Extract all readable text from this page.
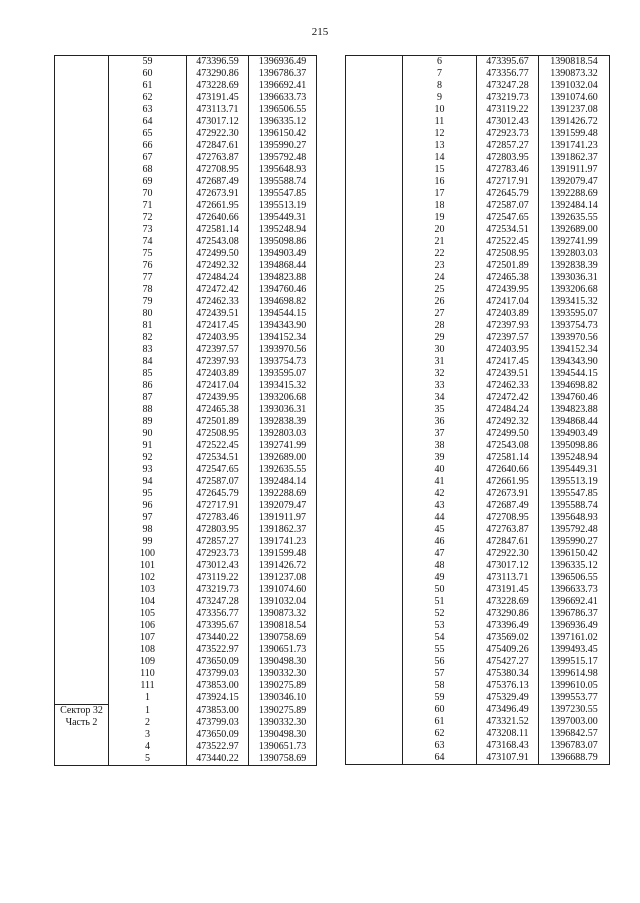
215
	59	473396.59	1396936.49
	60	473290.86	1396786.37
	61	473228.69	1396692.41
	62	473191.45	1396633.73
	63	473113.71	1396506.55
	64	473017.12	1396335.12
	65	472922.30	1396150.42
	66	472847.61	1395990.27
	67	472763.87	1395792.48
	68	472708.95	1395648.93
	69	472687.49	1395588.74
	70	472673.91	1395547.85
	71	472661.95	1395513.19
	72	472640.66	1395449.31
	73	472581.14	1395248.94
	74	472543.08	1395098.86
	75	472499.50	1394903.49
	76	472492.32	1394868.44
	77	472484.24	1394823.88
	78	472472.42	1394760.46
	79	472462.33	1394698.82
	80	472439.51	1394544.15
	81	472417.45	1394343.90
	82	472403.95	1394152.34
	83	472397.57	1393970.56
	84	472397.93	1393754.73
	85	472403.89	1393595.07
	86	472417.04	1393415.32
	87	472439.95	1393206.68
	88	472465.38	1393036.31
	89	472501.89	1392838.39
	90	472508.95	1392803.03
	91	472522.45	1392741.99
	92	472534.51	1392689.00
	93	472547.65	1392635.55
	94	472587.07	1392484.14
	95	472645.79	1392288.69
	96	472717.91	1392079.47
	97	472783.46	1391911.97
	98	472803.95	1391862.37
	99	472857.27	1391741.23
	100	472923.73	1391599.48
	101	473012.43	1391426.72
	102	473119.22	1391237.08
	103	473219.73	1391074.60
	104	473247.28	1391032.04
	105	473356.77	1390873.32
	106	473395.67	1390818.54
	107	473440.22	1390758.69
	108	473522.97	1390651.73
	109	473650.09	1390498.30
	110	473799.03	1390332.30
	111	473853.00	1390275.89
	1	473924.15	1390346.10
Сектор 32	1	473853.00	1390275.89
Часть 2	2	473799.03	1390332.30
	3	473650.09	1390498.30
	4	473522.97	1390651.73
	5	473440.22	1390758.69
	6	473395.67	1390818.54
	7	473356.77	1390873.32
	8	473247.28	1391032.04
	9	473219.73	1391074.60
	10	473119.22	1391237.08
	11	473012.43	1391426.72
	12	472923.73	1391599.48
	13	472857.27	1391741.23
	14	472803.95	1391862.37
	15	472783.46	1391911.97
	16	472717.91	1392079.47
	17	472645.79	1392288.69
	18	472587.07	1392484.14
	19	472547.65	1392635.55
	20	472534.51	1392689.00
	21	472522.45	1392741.99
	22	472508.95	1392803.03
	23	472501.89	1392838.39
	24	472465.38	1393036.31
	25	472439.95	1393206.68
	26	472417.04	1393415.32
	27	472403.89	1393595.07
	28	472397.93	1393754.73
	29	472397.57	1393970.56
	30	472403.95	1394152.34
	31	472417.45	1394343.90
	32	472439.51	1394544.15
	33	472462.33	1394698.82
	34	472472.42	1394760.46
	35	472484.24	1394823.88
	36	472492.32	1394868.44
	37	472499.50	1394903.49
	38	472543.08	1395098.86
	39	472581.14	1395248.94
	40	472640.66	1395449.31
	41	472661.95	1395513.19
	42	472673.91	1395547.85
	43	472687.49	1395588.74
	44	472708.95	1395648.93
	45	472763.87	1395792.48
	46	472847.61	1395990.27
	47	472922.30	1396150.42
	48	473017.12	1396335.12
	49	473113.71	1396506.55
	50	473191.45	1396633.73
	51	473228.69	1396692.41
	52	473290.86	1396786.37
	53	473396.49	1396936.49
	54	473569.02	1397161.02
	55	475409.26	1399493.45
	56	475427.27	1399515.17
	57	475380.34	1399614.98
	58	475376.13	1399610.05
	59	475329.49	1399553.77
	60	473496.49	1397230.55
	61	473321.52	1397003.00
	62	473208.11	1396842.57
	63	473168.43	1396783.07
	64	473107.91	1396688.79
